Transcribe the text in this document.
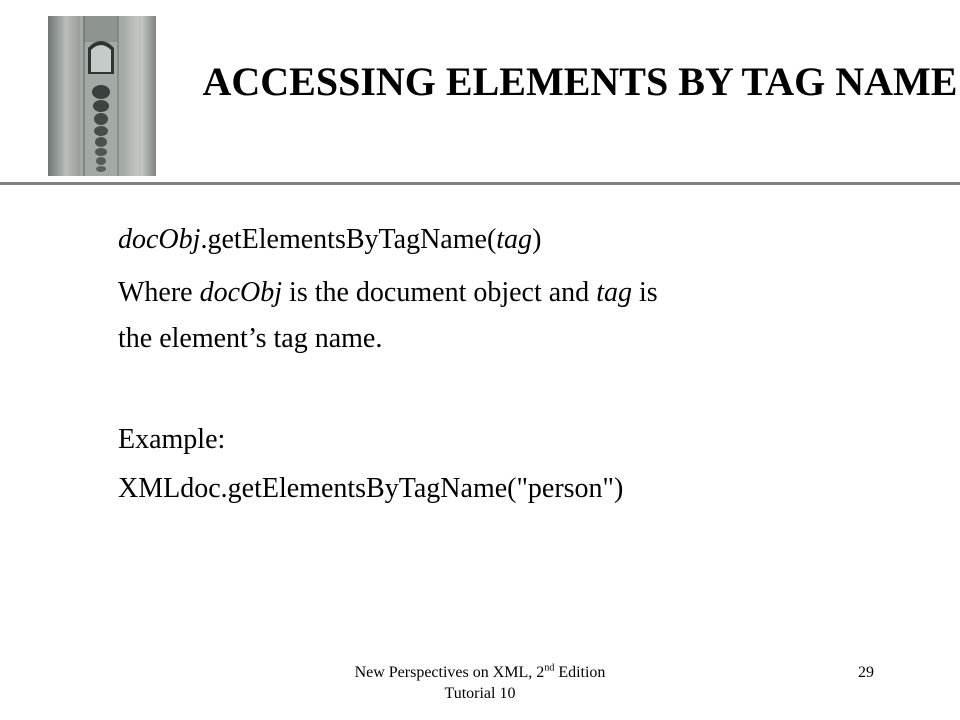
ACCESSING ELEMENTS BY TAG NAME
docObj.getElementsByTagName(tag)
Where docObj is the document object and tag is
the element’s tag name.
Example:
XMLdoc.getElementsByTagName("person")
New Perspectives on XML, 2nd Edition
Tutorial 10
29
